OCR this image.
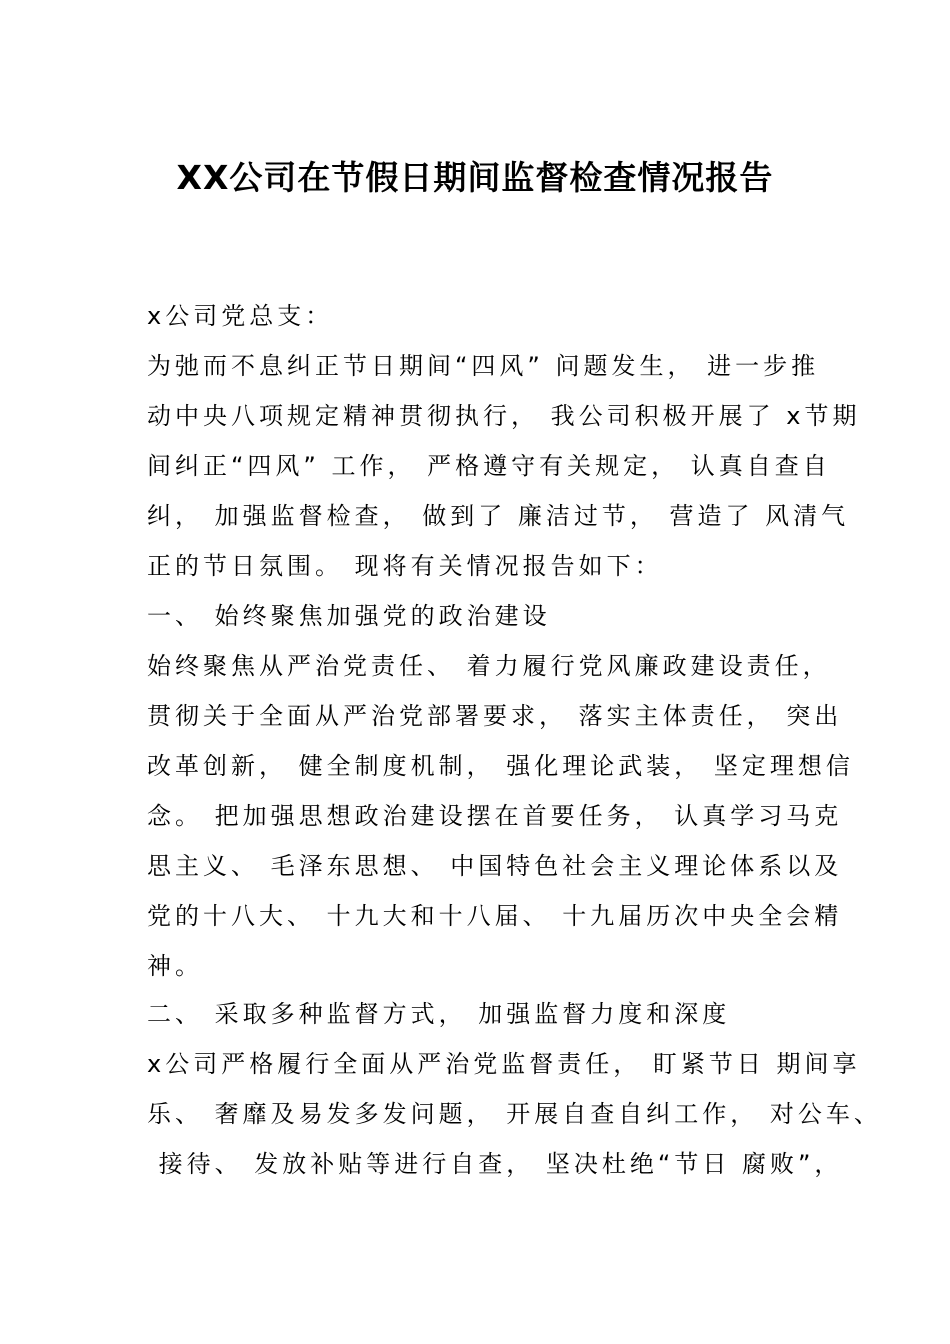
XX公司在节假日期间监督检查情况报告

x公司党总支：

为弛而不息纠正节日期间“四风” 问题发生， 进一步推

动中央八项规定精神贯彻执行， 我公司积极开展了 x节期

间纠正“四风” 工作， 严格遵守有关规定， 认真自查自

纠， 加强监督检查， 做到了 廉洁过节， 营造了 风清气

正的节日氛围。 现将有关情况报告如下：

一、 始终聚焦加强党的政治建设

始终聚焦从严治党责任、 着力履行党风廉政建设责任，

贯彻关于全面从严治党部署要求， 落实主体责任， 突出

改革创新， 健全制度机制， 强化理论武装， 坚定理想信

念。 把加强思想政治建设摆在首要任务， 认真学习马克

思主义、 毛泽东思想、 中国特色社会主义理论体系以及

党的十八大、 十九大和十八届、 十九届历次中央全会精

神。

二、 采取多种监督方式， 加强监督力度和深度

x公司严格履行全面从严治党监督责任， 盯紧节日 期间享

乐、 奢靡及易发多发问题， 开展自查自纠工作， 对公车、

接待、 发放补贴等进行自查， 坚决杜绝“节日 腐败”，
